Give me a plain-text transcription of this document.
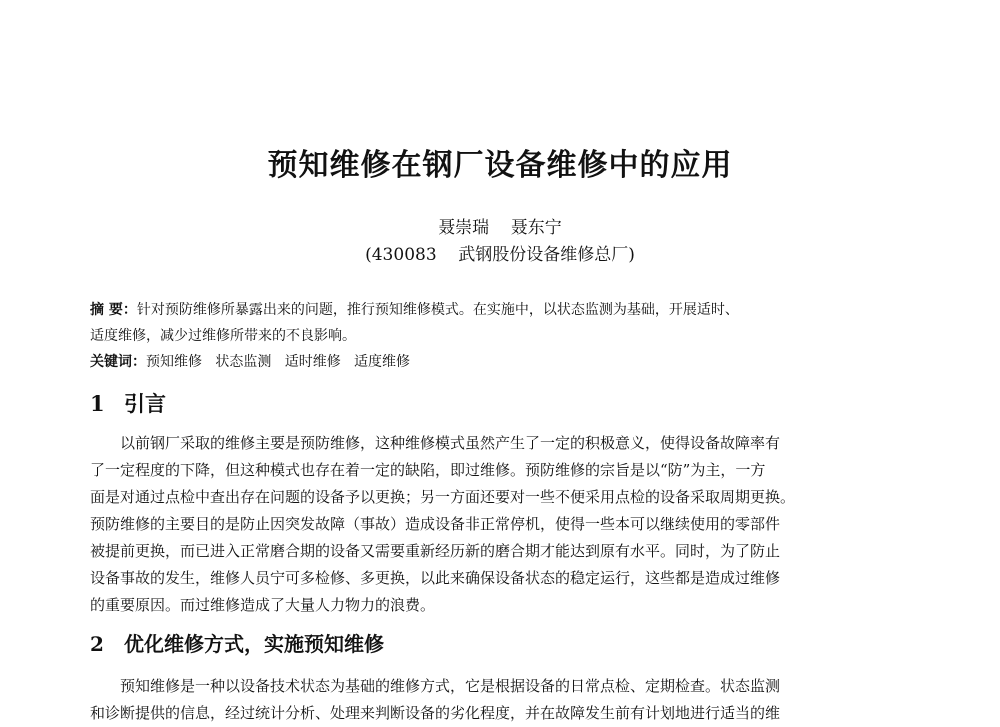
预知维修在钢厂设备维修中的应用
聂崇瑞    聂东宁
(430083    武钢股份设备维修总厂)
摘 要：针对预防维修所暴露出来的问题，推行预知维修模式。在实施中，以状态监测为基础，开展适时、
适度维修，减少过维修所带来的不良影响。
关键词：预知维修   状态监测   适时维修   适度维修
1 引言
以前钢厂采取的维修主要是预防维修，这种维修模式虽然产生了一定的积极意义，使得设备故障率有
了一定程度的下降，但这种模式也存在着一定的缺陷，即过维修。预防维修的宗旨是以“防”为主，一方
面是对通过点检中查出存在问题的设备予以更换；另一方面还要对一些不便采用点检的设备采取周期更换。
预防维修的主要目的是防止因突发故障（事故）造成设备非正常停机，使得一些本可以继续使用的零部件
被提前更换，而已进入正常磨合期的设备又需要重新经历新的磨合期才能达到原有水平。同时，为了防止
设备事故的发生，维修人员宁可多检修、多更换，以此来确保设备状态的稳定运行，这些都是造成过维修
的重要原因。而过维修造成了大量人力物力的浪费。
2 优化维修方式，实施预知维修
预知维修是一种以设备技术状态为基础的维修方式，它是根据设备的日常点检、定期检查。状态监测
和诊断提供的信息，经过统计分析、处理来判断设备的劣化程度，并在故障发生前有计划地进行适当的维
